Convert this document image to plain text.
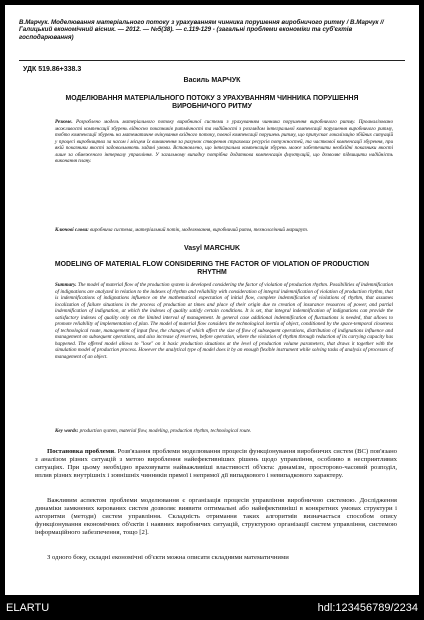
В.Марчук. Моделювання матеріального потоку з урахуванням чинника порушення виробничого ритму / В.Марчук // Галицький економічний вісник. — 2012. — №5(38). — с.119-129 - (загальні проблеми економіки та суб'єктів господарювання)
УДК 519.86+338.3
Василь МАРЧУК
МОДЕЛЮВАННЯ МАТЕРІАЛЬНОГО ПОТОКУ З УРАХУВАННЯМ ЧИННИКА ПОРУШЕННЯ ВИРОБНИЧОГО РИТМУ
Резюме. Розроблено модель матеріального потоку виробничої системи з урахуванням чинника порушення виробничого ритму. Проаналізовано можливості компенсації збурень відносно показників ритмічності та надійності з розглядом інтегральної компенсації порушення виробничого ритму, тобто компенсації збурень на математичне очікування вхідного потоку, повної компенсації порушень ритму, що припускає локалізацію збійних ситуацій у процесі виробництва за часом і місцем їх виникнення за рахунок створення страхових ресурсів потужностей, та часткової компенсації збурення, при якій показники якості задовольняють задані умови. Встановлено, що інтегральна компенсація збурень може забезпечити необхідні показники якості лише за обмеженого інтервалу управління. У загальному випадку потрібна додаткова компенсація флуктуацій, що дозволяє підвищити надійність виконання плану.
Ключові слова: виробнича система, матеріальний потік, моделювання, виробничий ритм, технологічний маршрут.
Vasyl MARCHUK
MODELING OF MATERIAL FLOW CONSIDERING THE FACTOR OF VIOLATION OF PRODUCTION RHYTHM
Summary. The model of material flow of the production system is developed considering the factor of violation of production rhythm. Possibilities of indemnification of indignations are analyzed in relation to the indexes of rhythm and reliability with consideration of integral indemnification of violation of production rhythm, that is indemnifications of indignations influence on the mathematical expectation of initial flow, complete indemnification of violations of rhythm, that assumes localization of failure situations in the process of production at times and place of their origin due to creation of insurance resources of power, and partial indemnification of indignation, at which the indexes of quality satisfy certain conditions. It is set, that integral indemnification of indignations can provide the satisfactory indexes of quality only on the limited interval of management. In general case additional indemnification of fluctuations is needed, that allows to promote reliability of implementation of plan. The model of material flow considers the technological inertia of object, conditioned by the space-temporal closeness of technological route, management of input flow, the changes of which affect the size of flow of subsequent operations, distribution of indignations influence and management on subsequent operations, and also increase of reserves, before operation, where the violation of rhythm through reduction of its carrying capacity has happened. The offered model allows to "lose" on it basic production situations at the level of production volume parameters, that draws it together with the simulation model of production process. However the analytical type of model does it by an enough flexible instrument while solving tasks of analysis of processes of management of an object.
Key words: production system, material flow, modeling, production rhythm, technological route.
Постановка проблеми. Розв'язання проблеми моделювання процесів функціонування виробничих систем (ВС) пов'язано з аналізом різних ситуацій з метою вироблення найефективніших рішень щодо управління, особливо в несприятливих ситуаціях. При цьому необхідно враховувати найважливіші властивості об'єкта: динамізм, просторово-часовий розподіл, вплив різних внутрішніх і зовнішніх чинників прямої і непрямої дії випадкового і невипадкового характеру.
Важливим аспектом проблеми моделювання є організація процесів управління виробничою системою. Дослідження динаміки замкнених керованих систем дозволяє виявити оптимальні або найефективніші в конкретних умовах структури і алгоритми (методи) систем управління. Складність отримання таких алгоритмів визначається способом опису функціонування економічних об'єктів і наявних виробничих ситуацій, структурою організації систем управління, системою інформаційного забезпечення, тощо [2].
З одного боку, складні економічні об'єкти можна описати складними математичними
ELARTU	hdl:123456789/2234
